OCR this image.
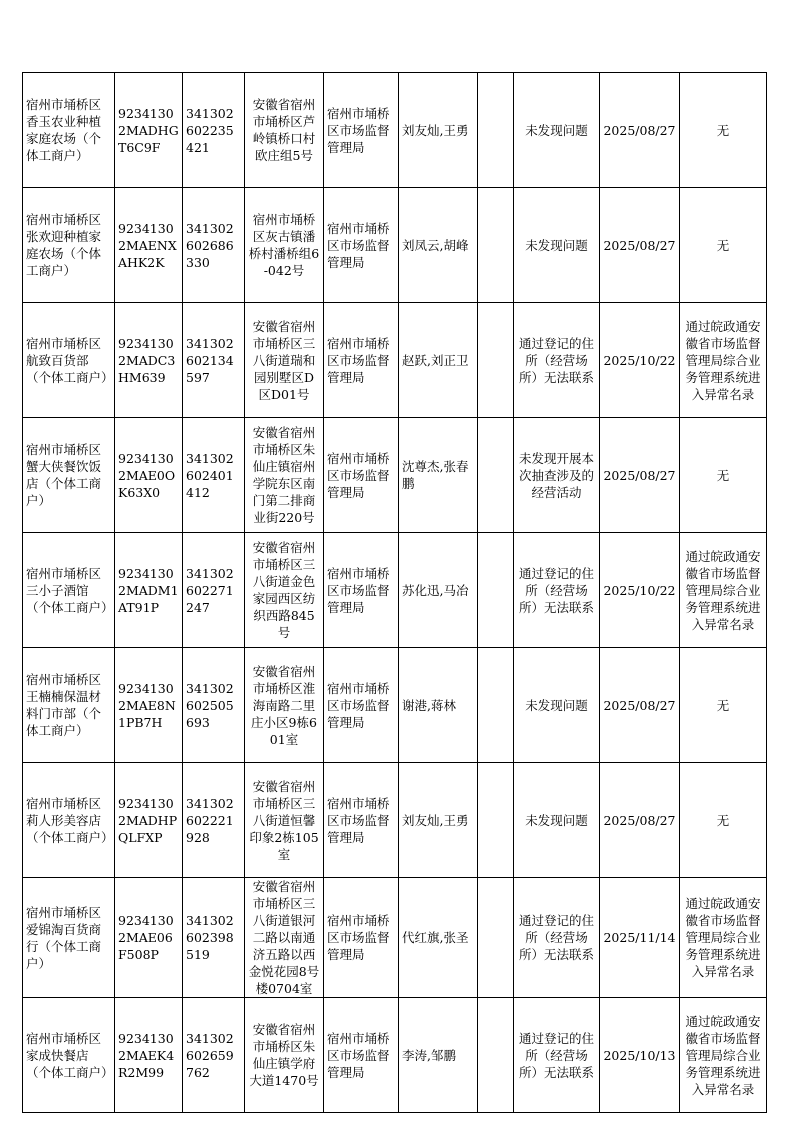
宿州市埇桥区香玉农业种植家庭农场（个体工商户）	92341302MADHGT6C9F	341302602235421	安徽省宿州市埇桥区芦岭镇桥口村欧庄组5号	宿州市埇桥区市场监督管理局	刘友灿,王勇		未发现问题	2025/08/27	无
宿州市埇桥区张欢迎种植家庭农场（个体工商户）	92341302MAENXAHK2K	341302602686330	宿州市埇桥区灰古镇潘桥村潘桥组6-042号	宿州市埇桥区市场监督管理局	刘凤云,胡峰		未发现问题	2025/08/27	无
宿州市埇桥区航致百货部（个体工商户）	92341302MADC3HM639	341302602134597	安徽省宿州市埇桥区三八街道瑞和园别墅区D区D01号	宿州市埇桥区市场监督管理局	赵跃,刘正卫		通过登记的住所（经营场所）无法联系	2025/10/22	通过皖政通安徽省市场监督管理局综合业务管理系统进入异常名录
宿州市埇桥区蟹大侠餐饮饭店（个体工商户）	92341302MAE0OK63X0	341302602401412	安徽省宿州市埇桥区朱仙庄镇宿州学院东区南门第二排商业街220号	宿州市埇桥区市场监督管理局	沈尊杰,张春鹏		未发现开展本次抽查涉及的经营活动	2025/08/27	无
宿州市埇桥区三小子酒馆（个体工商户）	92341302MADM1AT91P	341302602271247	安徽省宿州市埇桥区三八街道金色家园西区纺织西路845号	宿州市埇桥区市场监督管理局	苏化迅,马冶		通过登记的住所（经营场所）无法联系	2025/10/22	通过皖政通安徽省市场监督管理局综合业务管理系统进入异常名录
宿州市埇桥区王楠楠保温材料门市部（个体工商户）	92341302MAE8N1PB7H	341302602505693	安徽省宿州市埇桥区淮海南路二里庄小区9栋601室	宿州市埇桥区市场监督管理局	谢港,蒋林		未发现问题	2025/08/27	无
宿州市埇桥区莉人形美容店（个体工商户）	92341302MADHPQLFXP	341302602221928	安徽省宿州市埇桥区三八街道恒馨印象2栋105室	宿州市埇桥区市场监督管理局	刘友灿,王勇		未发现问题	2025/08/27	无
宿州市埇桥区爱锦淘百货商行（个体工商户）	92341302MAE06F508P	341302602398519	安徽省宿州市埇桥区三八街道银河二路以南通济五路以西金悦花园8号楼0704室	宿州市埇桥区市场监督管理局	代红旗,张圣		通过登记的住所（经营场所）无法联系	2025/11/14	通过皖政通安徽省市场监督管理局综合业务管理系统进入异常名录
宿州市埇桥区家成快餐店（个体工商户）	92341302MAEK4R2M99	341302602659762	安徽省宿州市埇桥区朱仙庄镇学府大道1470号	宿州市埇桥区市场监督管理局	李涛,邹鹏		通过登记的住所（经营场所）无法联系	2025/10/13	通过皖政通安徽省市场监督管理局综合业务管理系统进入异常名录
